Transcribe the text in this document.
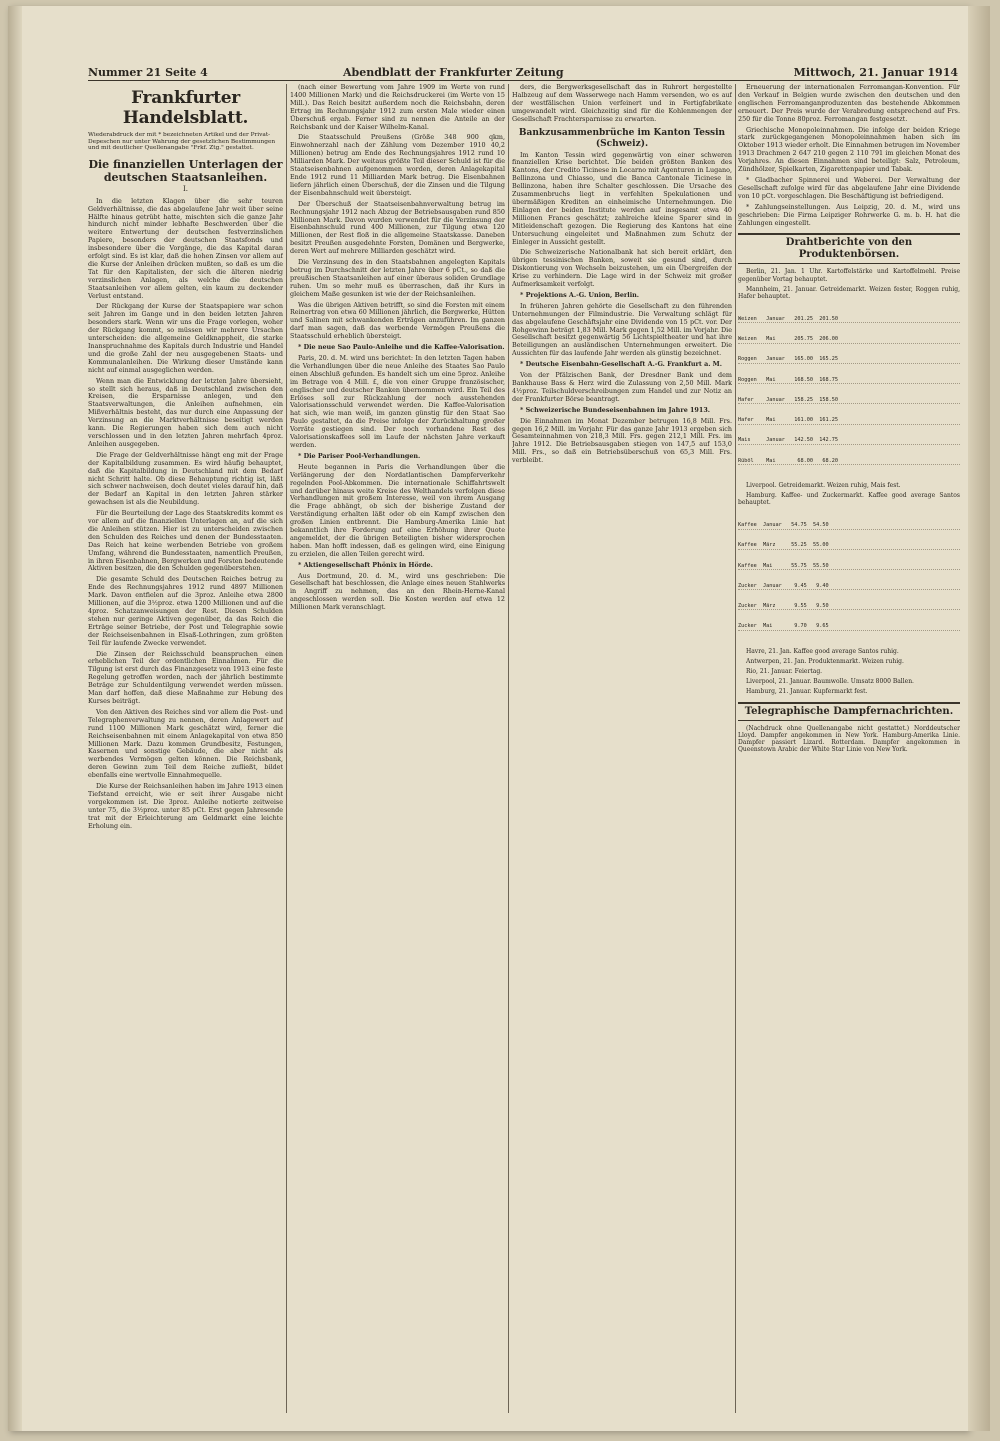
Nummer 21 Seite 4	Abendblatt der Frankfurter Zeitung	Mittwoch, 21. Januar 1914
Frankfurter Handelsblatt.
Wiederabdruck der mit * bezeichneten Artikel und der Privat-Depeschen nur unter Wahrung der gesetzlichen Bestimmungen und mit deutlicher Quellenangabe "Frkf. Ztg." gestattet.
Die finanziellen Unterlagen der deutschen Staatsanleihen.
I.

In die letzten Klagen über die sehr teuren Geldverhältnisse, die das abgelaufene Jahr weit über seine Hälfte hinaus getrübt hatte, mischten sich die ganze Jahr hindurch nicht minder lebhafte Beschwerden über die weitere Entwertung der deutschen festverzinslichen Papiere, besonders der deutschen Staatsfonds und insbesondere über die Vorgänge, die das Kapital daran erfolgt sind. Es ist klar, daß die hohen Zinsen vor allem auf die Kurse der Anleihen drücken mußten, so daß es um die Tat für den Kapitalisten, der sich die älteren niedrig verzinslichen Anlagen, als welche die deutschen Staatsanleihen vor allem gelten, ein kaum zu deckender Verlust entstand.

Der Rückgang der Kurse der Staatspapiere war schon seit Jahren im Gange und in den beiden letzten Jahren besonders stark. Wenn wir uns die Frage vorlegen, woher der Rückgang kommt, so müssen wir mehrere Ursachen unterscheiden: die allgemeine Geldknappheit, die starke Inanspruchnahme des Kapitals durch Industrie und Handel und die große Zahl der neu ausgegebenen Staats- und Kommunalanleihen. Die Wirkung dieser Umstände kann nicht auf einmal ausgeglichen werden.

Wenn man die Entwicklung der letzten Jahre übersieht, so stellt sich heraus, daß in Deutschland zwischen den Kreisen, die Ersparnisse anlegen, und den Staatsverwaltungen, die Anleihen aufnehmen, ein Mißverhältnis besteht, das nur durch eine Anpassung der Verzinsung an die Marktverhältnisse beseitigt werden kann. Die Regierungen haben sich dem auch nicht verschlossen und in den letzten Jahren mehrfach 4proz. Anleihen ausgegeben.

Die Frage der Geldverhältnisse hängt eng mit der Frage der Kapitalbildung zusammen. Es wird häufig behauptet, daß die Kapitalbildung in Deutschland mit dem Bedarf nicht Schritt halte. Ob diese Behauptung richtig ist, läßt sich schwer nachweisen, doch deutet vieles darauf hin, daß der Bedarf an Kapital in den letzten Jahren stärker gewachsen ist als die Neubildung.

Für die Beurteilung der Lage des Staatskredits kommt es vor allem auf die finanziellen Unterlagen an, auf die sich die Anleihen stützen. Hier ist zu unterscheiden zwischen den Schulden des Reiches und denen der Bundesstaaten. Das Reich hat keine werbenden Betriebe von großem Umfang, während die Bundesstaaten, namentlich Preußen, in ihren Eisenbahnen, Bergwerken und Forsten bedeutende Aktiven besitzen, die den Schulden gegenüberstehen.

Die gesamte Schuld des Deutschen Reiches betrug zu Ende des Rechnungsjahres 1912 rund 4897 Millionen Mark. Davon entfielen auf die 3proz. Anleihe etwa 2800 Millionen, auf die 3½proz. etwa 1200 Millionen und auf die 4proz. Schatzanweisungen der Rest. Diesen Schulden stehen nur geringe Aktiven gegenüber, da das Reich die Erträge seiner Betriebe, der Post und Telegraphie sowie der Reichseisenbahnen in Elsaß-Lothringen, zum größten Teil für laufende Zwecke verwendet.

Die Zinsen der Reichsschuld beanspruchen einen erheblichen Teil der ordentlichen Einnahmen. Für die Tilgung ist erst durch das Finanzgesetz von 1913 eine feste Regelung getroffen worden, nach der jährlich bestimmte Beträge zur Schuldentilgung verwendet werden müssen. Man darf hoffen, daß diese Maßnahme zur Hebung des Kurses beiträgt.

Von den Aktiven des Reiches sind vor allem die Post- und Telegraphenverwaltung zu nennen, deren Anlagewert auf rund 1100 Millionen Mark geschätzt wird, ferner die Reichseisenbahnen mit einem Anlagekapital von etwa 850 Millionen Mark. Dazu kommen Grundbesitz, Festungen, Kasernen und sonstige Gebäude, die aber nicht als werbendes Vermögen gelten können. Die Reichsbank, deren Gewinn zum Teil dem Reiche zufließt, bildet ebenfalls eine wertvolle Einnahmequelle.

Die Kurse der Reichsanleihen haben im Jahre 1913 einen Tiefstand erreicht, wie er seit ihrer Ausgabe nicht vorgekommen ist. Die 3proz. Anleihe notierte zeitweise unter 75, die 3½proz. unter 85 pCt. Erst gegen Jahresende trat mit der Erleichterung am Geldmarkt eine leichte Erholung ein.

(nach einer Bewertung vom Jahre 1909 im Werte von rund 1400 Millionen Mark) und die Reichsdruckerei (im Werte von 15 Mill.). Das Reich besitzt außerdem noch die Reichsbahn, deren Ertrag im Rechnungsjahr 1912 zum ersten Male wieder einen Überschuß ergab. Ferner sind zu nennen die Anteile an der Reichsbank und der Kaiser Wilhelm-Kanal.

Die Staatsschuld Preußens (Größe 348 900 qkm, Einwohnerzahl nach der Zählung vom Dezember 1910 40,2 Millionen) betrug am Ende des Rechnungsjahres 1912 rund 10 Milliarden Mark. Der weitaus größte Teil dieser Schuld ist für die Staatseisenbahnen aufgenommen worden, deren Anlagekapital Ende 1912 rund 11 Milliarden Mark betrug. Die Eisenbahnen liefern jährlich einen Überschuß, der die Zinsen und die Tilgung der Eisenbahnschuld weit übersteigt.

Der Überschuß der Staatseisenbahnverwaltung betrug im Rechnungsjahr 1912 nach Abzug der Betriebsausgaben rund 850 Millionen Mark. Davon wurden verwendet für die Verzinsung der Eisenbahnschuld rund 400 Millionen, zur Tilgung etwa 120 Millionen, der Rest floß in die allgemeine Staatskasse. Daneben besitzt Preußen ausgedehnte Forsten, Domänen und Bergwerke, deren Wert auf mehrere Milliarden geschätzt wird.

Die Verzinsung des in den Staatsbahnen angelegten Kapitals betrug im Durchschnitt der letzten Jahre über 6 pCt., so daß die preußischen Staatsanleihen auf einer überaus soliden Grundlage ruhen. Um so mehr muß es überraschen, daß ihr Kurs in gleichem Maße gesunken ist wie der der Reichsanleihen.

Was die übrigen Aktiven betrifft, so sind die Forsten mit einem Reinertrag von etwa 60 Millionen jährlich, die Bergwerke, Hütten und Salinen mit schwankenden Erträgen anzuführen. Im ganzen darf man sagen, daß das werbende Vermögen Preußens die Staatsschuld erheblich übersteigt.

* Die neue Sao Paulo-Anleihe und die Kaffee-Valorisation.

Paris, 20. d. M. wird uns berichtet: In den letzten Tagen haben die Verhandlungen über die neue Anleihe des Staates Sao Paulo einen Abschluß gefunden. Es handelt sich um eine 5proz. Anleihe im Betrage von 4 Mill. £, die von einer Gruppe französischer, englischer und deutscher Banken übernommen wird. Ein Teil des Erlöses soll zur Rückzahlung der noch ausstehenden Valorisationsschuld verwendet werden. Die Kaffee-Valorisation hat sich, wie man weiß, im ganzen günstig für den Staat Sao Paulo gestaltet, da die Preise infolge der Zurückhaltung großer Vorräte gestiegen sind. Der noch vorhandene Rest des Valorisationskaffees soll im Laufe der nächsten Jahre verkauft werden.

* Die Pariser Pool-Verhandlungen.

Heute begannen in Paris die Verhandlungen über die Verlängerung der den Nordatlantischen Dampferverkehr regelnden Pool-Abkommen. Die internationale Schiffahrtswelt und darüber hinaus weite Kreise des Welthandels verfolgen diese Verhandlungen mit großem Interesse, weil von ihrem Ausgang die Frage abhängt, ob sich der bisherige Zustand der Verständigung erhalten läßt oder ob ein Kampf zwischen den großen Linien entbrennt. Die Hamburg-Amerika Linie hat bekanntlich ihre Forderung auf eine Erhöhung ihrer Quote angemeldet, der die übrigen Beteiligten bisher widersprochen haben. Man hofft indessen, daß es gelingen wird, eine Einigung zu erzielen, die allen Teilen gerecht wird.

* Aktiengesellschaft Phönix in Hörde.

Aus Dortmund, 20. d. M., wird uns geschrieben: Die Gesellschaft hat beschlossen, die Anlage eines neuen Stahlwerks in Angriff zu nehmen, das an den Rhein-Herne-Kanal angeschlossen werden soll. Die Kosten werden auf etwa 12 Millionen Mark veranschlagt.

ders, die Bergwerksgesellschaft das in Ruhrort hergestellte Halbzeug auf dem Wasserwege nach Hamm versenden, wo es auf der westfälischen Union verfeinert und in Fertigfabrikate umgewandelt wird. Gleichzeitig sind für die Kohlenmengen der Gesellschaft Frachtersparnisse zu erwarten.

Bankzusammenbrüche im Kanton Tessin (Schweiz).

Im Kanton Tessin wird gegenwärtig von einer schweren finanziellen Krise berichtet. Die beiden größten Banken des Kantons, der Credito Ticinese in Locarno mit Agenturen in Lugano, Bellinzona und Chiasso, und die Banca Cantonale Ticinese in Bellinzona, haben ihre Schalter geschlossen. Die Ursache des Zusammenbruchs liegt in verfehlten Spekulationen und übermäßigen Krediten an einheimische Unternehmungen. Die Einlagen der beiden Institute werden auf insgesamt etwa 40 Millionen Francs geschätzt; zahlreiche kleine Sparer sind in Mitleidenschaft gezogen. Die Regierung des Kantons hat eine Untersuchung eingeleitet und Maßnahmen zum Schutz der Einleger in Aussicht gestellt.

Die Schweizerische Nationalbank hat sich bereit erklärt, den übrigen tessinischen Banken, soweit sie gesund sind, durch Diskontierung von Wechseln beizustehen, um ein Übergreifen der Krise zu verhindern. Die Lage wird in der Schweiz mit großer Aufmerksamkeit verfolgt.

* Projektions A.-G. Union, Berlin.

In früheren Jahren gehörte die Gesellschaft zu den führenden Unternehmungen der Filmindustrie. Die Verwaltung schlägt für das abgelaufene Geschäftsjahr eine Dividende von 15 pCt. vor. Der Rohgewinn beträgt 1,83 Mill. Mark gegen 1,52 Mill. im Vorjahr. Die Gesellschaft besitzt gegenwärtig 56 Lichtspieltheater und hat ihre Beteiligungen an ausländischen Unternehmungen erweitert. Die Aussichten für das laufende Jahr werden als günstig bezeichnet.

* Deutsche Eisenbahn-Gesellschaft A.-G. Frankfurt a. M.

Von der Pfälzischen Bank, der Dresdner Bank und dem Bankhause Bass & Herz wird die Zulassung von 2,50 Mill. Mark 4½proz. Teilschuldverschreibungen zum Handel und zur Notiz an der Frankfurter Börse beantragt.

* Schweizerische Bundeseisenbahnen im Jahre 1913.

Die Einnahmen im Monat Dezember betrugen 16,8 Mill. Frs. gegen 16,2 Mill. im Vorjahr. Für das ganze Jahr 1913 ergeben sich Gesamteinnahmen von 218,3 Mill. Frs. gegen 212,1 Mill. Frs. im Jahre 1912. Die Betriebsausgaben stiegen von 147,5 auf 153,0 Mill. Frs., so daß ein Betriebsüberschuß von 65,3 Mill. Frs. verbleibt.

Erneuerung der internationalen Ferromangan-Konvention. Für den Verkauf in Belgien wurde zwischen den deutschen und den englischen Ferromanganproduzenten das bestehende Abkommen erneuert. Der Preis wurde der Verabredung entsprechend auf Frs. 250 für die Tonne 80proz. Ferromangan festgesetzt.

Griechische Monopoleinnahmen. Die infolge der beiden Kriege stark zurückgegangenen Monopoleinnahmen haben sich im Oktober 1913 wieder erholt. Die Einnahmen betrugen im November 1913 Drachmen 2 647 210 gegen 2 110 791 im gleichen Monat des Vorjahres. An diesen Einnahmen sind beteiligt: Salz, Petroleum, Zündhölzer, Spielkarten, Zigarettenpapier und Tabak.

* Gladbacher Spinnerei und Weberei. Der Verwaltung der Gesellschaft zufolge wird für das abgelaufene Jahr eine Dividende von 10 pCt. vorgeschlagen. Die Beschäftigung ist befriedigend.

* Zahlungseinstellungen. Aus Leipzig, 20. d. M., wird uns geschrieben: Die Firma Leipziger Rohrwerke G. m. b. H. hat die Zahlungen eingestellt.

Drahtberichte von den Produktenbörsen.

Berlin, 21. Jan. 1 Uhr. Kartoffelstärke und Kartoffelmehl. Preise gegenüber Vortag behauptet.

Mannheim, 21. Januar. Getreidemarkt. Weizen fester, Roggen ruhig, Hafer behauptet.

Weizen   Januar   201.25  201.50

Weizen   Mai      205.75  206.00

Roggen   Januar   165.00  165.25

Roggen   Mai      168.50  168.75

Hafer    Januar   158.25  158.50

Hafer    Mai      161.00  161.25

Mais     Januar   142.50  142.75

Rüböl    Mai       68.00   68.20

Liverpool. Getreidemarkt. Weizen ruhig, Mais fest.

Hamburg. Kaffee- und Zuckermarkt. Kaffee good average Santos behauptet.

Kaffee  Januar   54.75  54.50

Kaffee  März     55.25  55.00

Kaffee  Mai      55.75  55.50

Zucker  Januar    9.45   9.40

Zucker  März      9.55   9.50

Zucker  Mai       9.70   9.65

Havre, 21. Jan. Kaffee good average Santos ruhig.

Antwerpen, 21. Jan. Produktenmarkt. Weizen ruhig.

Rio, 21. Januar. Feiertag.

Liverpool, 21. Januar. Baumwolle. Umsatz 8000 Ballen.

Hamburg, 21. Januar. Kupfermarkt fest.

Telegraphische Dampfernachrichten.

(Nachdruck ohne Quellenangabe nicht gestattet.) Norddeutscher Lloyd. Dampfer angekommen in New York. Hamburg-Amerika Linie. Dampfer passiert Lizard. Rotterdam. Dampfer angekommen in Queenstown Arabic der White Star Linie von New York.
